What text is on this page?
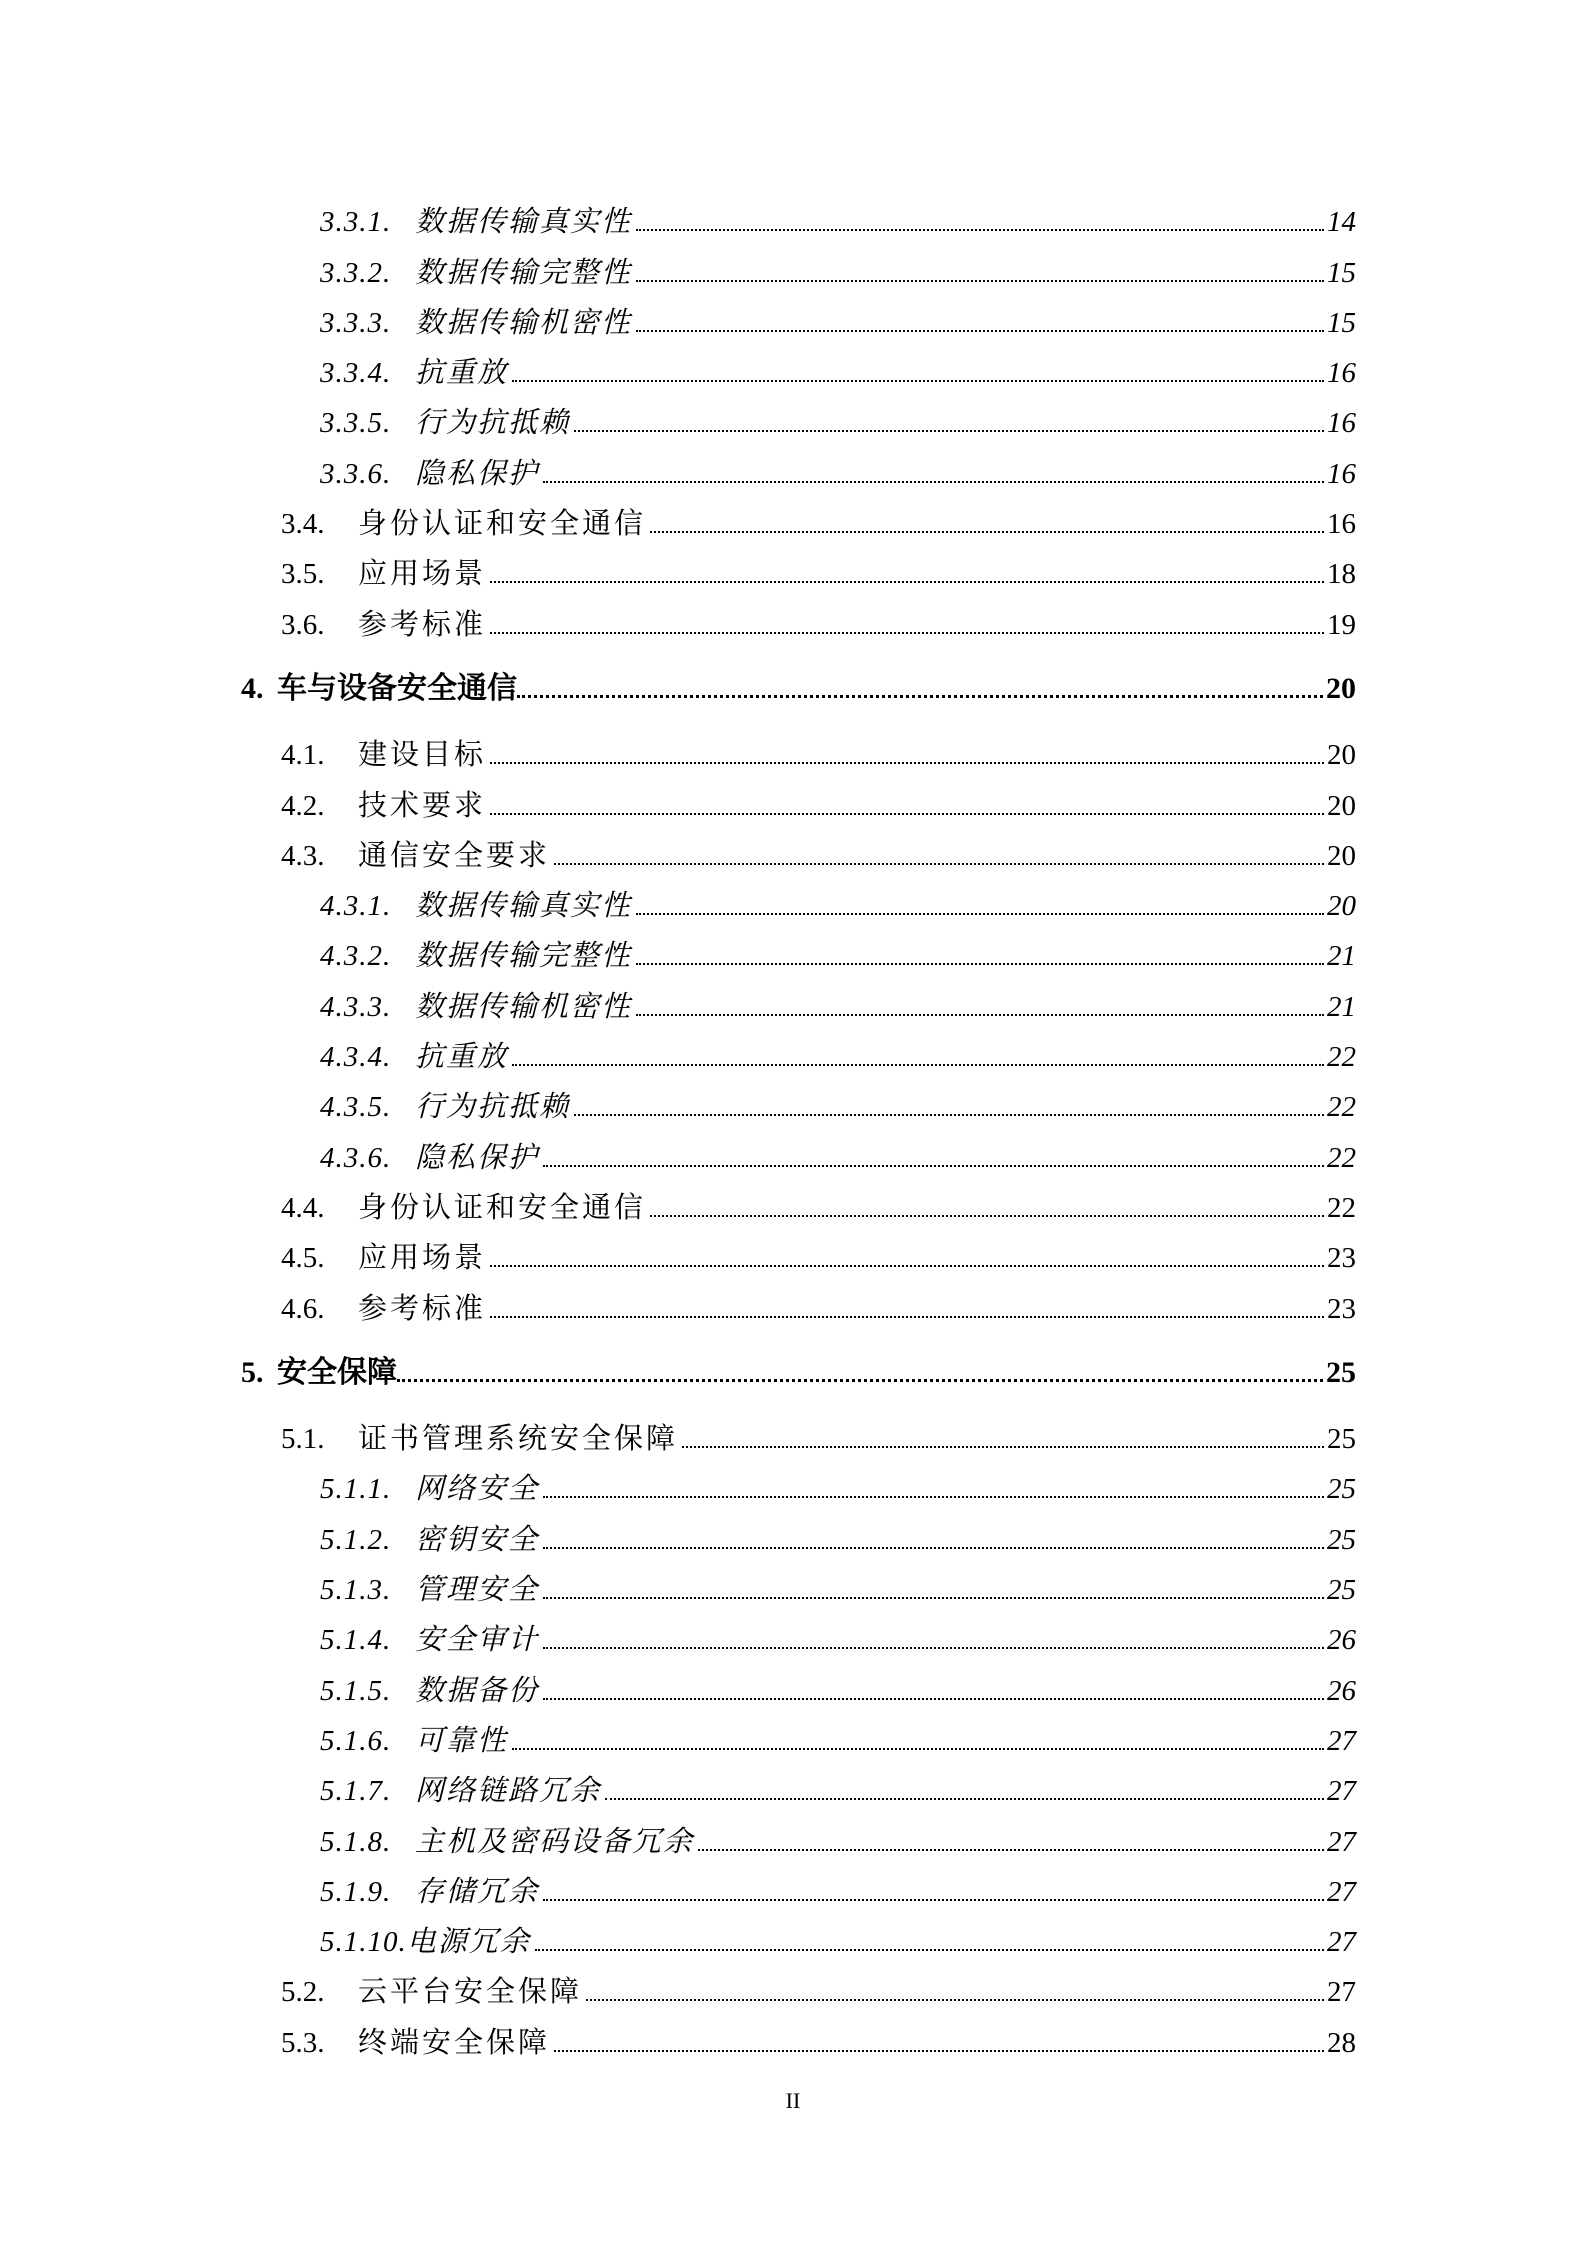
3.3.1. 数据传输真实性	14
3.3.2. 数据传输完整性	15
3.3.3. 数据传输机密性	15
3.3.4. 抗重放	16
3.3.5. 行为抗抵赖	16
3.3.6. 隐私保护	16
3.4.	身份认证和安全通信	16
3.5.	应用场景	18
3.6.	参考标准	19
4. 车与设备安全通信	20
4.1.	建设目标	20
4.2.	技术要求	20
4.3.	通信安全要求	20
4.3.1. 数据传输真实性	20
4.3.2. 数据传输完整性	21
4.3.3. 数据传输机密性	21
4.3.4. 抗重放	22
4.3.5. 行为抗抵赖	22
4.3.6. 隐私保护	22
4.4.	身份认证和安全通信	22
4.5.	应用场景	23
4.6.	参考标准	23
5. 安全保障	25
5.1.	证书管理系统安全保障	25
5.1.1. 网络安全	25
5.1.2. 密钥安全	25
5.1.3. 管理安全	25
5.1.4. 安全审计	26
5.1.5. 数据备份	26
5.1.6. 可靠性	27
5.1.7. 网络链路冗余	27
5.1.8. 主机及密码设备冗余	27
5.1.9. 存储冗余	27
5.1.10. 电源冗余	27
5.2.	云平台安全保障	27
5.3.	终端安全保障	28
II
